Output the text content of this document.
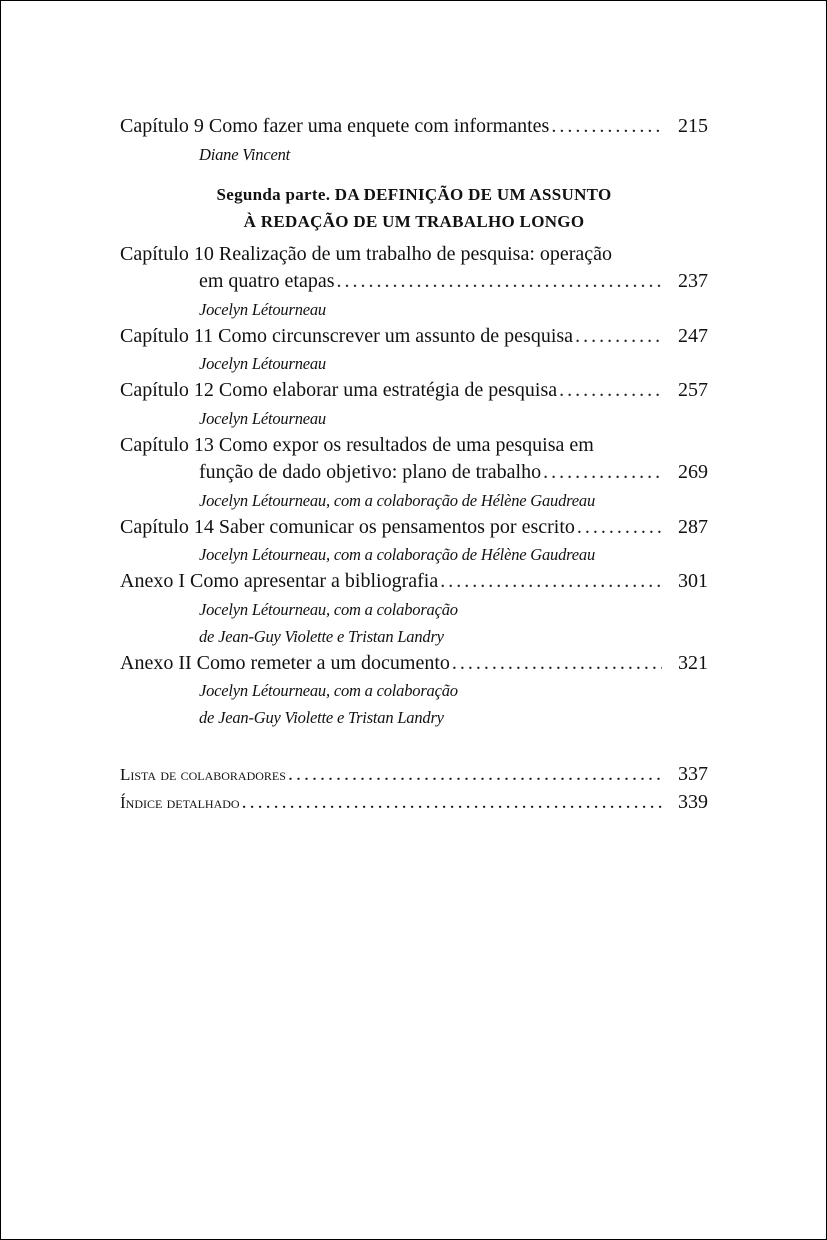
Capítulo 9 Como fazer uma enquete com informantes . . .	215
Diane Vincent
Segunda parte. DA DEFINIÇÃO DE UM ASSUNTO
À REDAÇÃO DE UM TRABALHO LONGO
Capítulo 10 Realização de um trabalho de pesquisa: operação
em quatro etapas . . .	237
Jocelyn Létourneau
Capítulo 11 Como circunscrever um assunto de pesquisa . . .	247
Jocelyn Létourneau
Capítulo 12 Como elaborar uma estratégia de pesquisa . . .	257
Jocelyn Létourneau
Capítulo 13 Como expor os resultados de uma pesquisa em
função de dado objetivo: plano de trabalho . . .	269
Jocelyn Létourneau, com a colaboração de Hélène Gaudreau
Capítulo 14 Saber comunicar os pensamentos por escrito . . .	287
Jocelyn Létourneau, com a colaboração de Hélène Gaudreau
Anexo I Como apresentar a bibliografia . . .	301
Jocelyn Létourneau, com a colaboração
de Jean-Guy Violette e Tristan Landry
Anexo II Como remeter a um documento . . .	321
Jocelyn Létourneau, com a colaboração
de Jean-Guy Violette e Tristan Landry
Lista de colaboradores . . .	337
Índice detalhado . . .	339
